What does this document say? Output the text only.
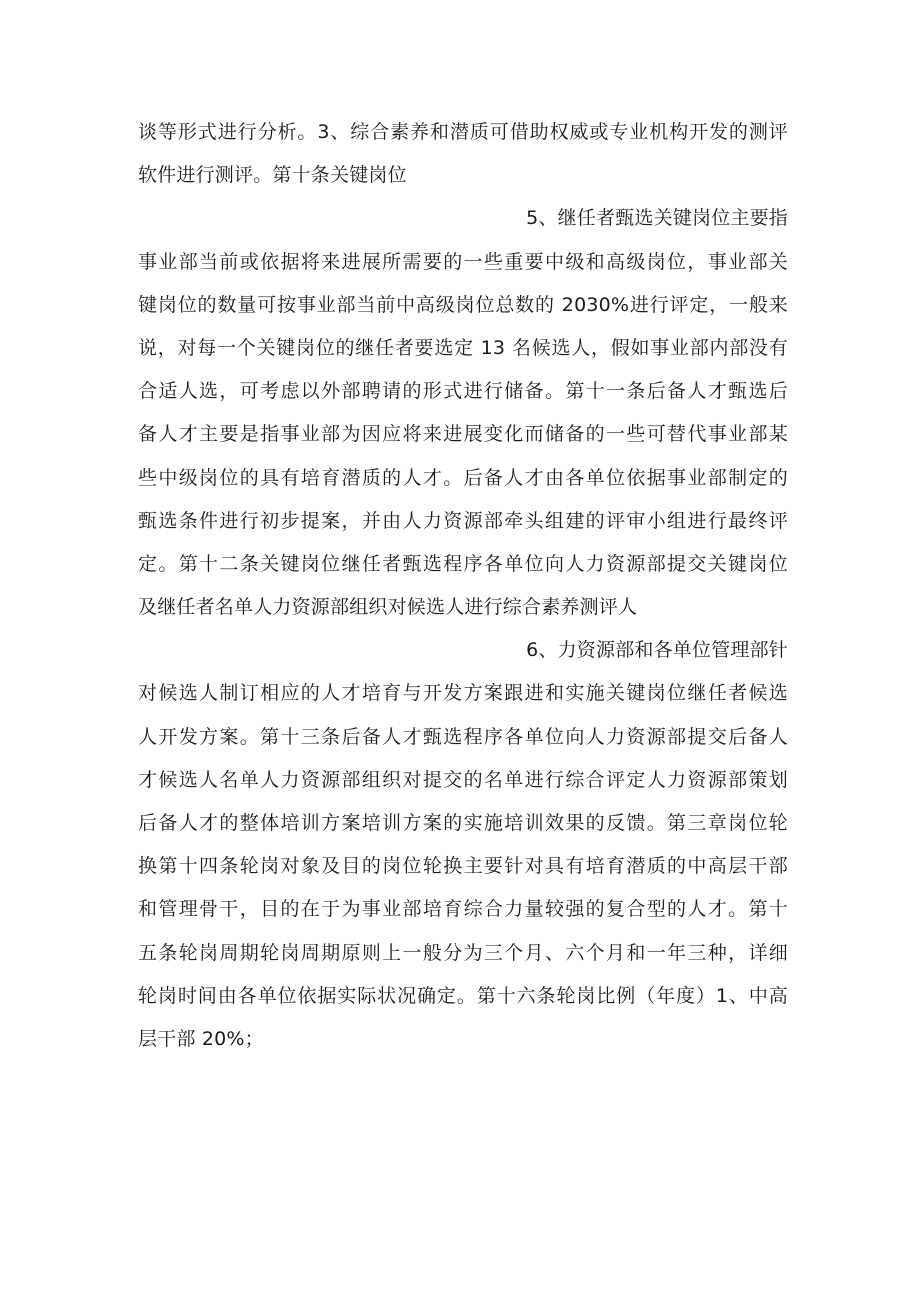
谈等形式进行分析。3、综合素养和潜质可借助权威或专业机构开发的测评
软件进行测评。第十条关键岗位
5、继任者甄选关键岗位主要指
事业部当前或依据将来进展所需要的一些重要中级和高级岗位，事业部关
键岗位的数量可按事业部当前中高级岗位总数的 2030%进行评定，一般来
说，对每一个关键岗位的继任者要选定 13 名候选人，假如事业部内部没有
合适人选，可考虑以外部聘请的形式进行储备。第十一条后备人才甄选后
备人才主要是指事业部为因应将来进展变化而储备的一些可替代事业部某
些中级岗位的具有培育潜质的人才。后备人才由各单位依据事业部制定的
甄选条件进行初步提案，并由人力资源部牵头组建的评审小组进行最终评
定。第十二条关键岗位继任者甄选程序各单位向人力资源部提交关键岗位
及继任者名单人力资源部组织对候选人进行综合素养测评人
6、力资源部和各单位管理部针
对候选人制订相应的人才培育与开发方案跟进和实施关键岗位继任者候选
人开发方案。第十三条后备人才甄选程序各单位向人力资源部提交后备人
才候选人名单人力资源部组织对提交的名单进行综合评定人力资源部策划
后备人才的整体培训方案培训方案的实施培训效果的反馈。第三章岗位轮
换第十四条轮岗对象及目的岗位轮换主要针对具有培育潜质的中高层干部
和管理骨干，目的在于为事业部培育综合力量较强的复合型的人才。第十
五条轮岗周期轮岗周期原则上一般分为三个月、六个月和一年三种，详细
轮岗时间由各单位依据实际状况确定。第十六条轮岗比例（年度）1、中高
层干部 20%；
